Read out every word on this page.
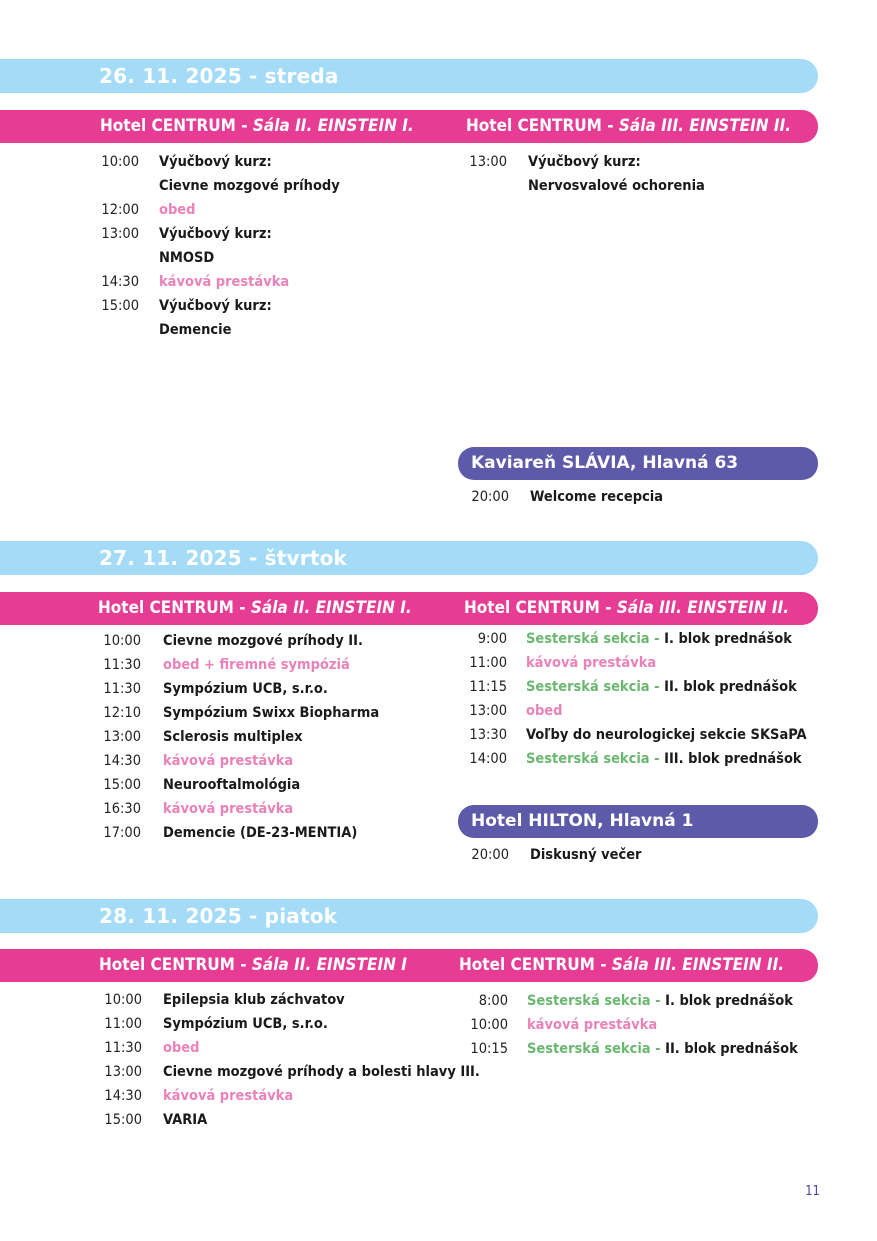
26. 11. 2025 - streda
Hotel CENTRUM - Sála II. EINSTEIN I.	Hotel CENTRUM - Sála III. EINSTEIN II.
10:00 Výučbový kurz:
Cievne mozgové príhody
12:00 obed
13:00 Výučbový kurz:
NMOSD
14:30 kávová prestávka
15:00 Výučbový kurz:
Demencie
13:00 Výučbový kurz:
Nervosvalové ochorenia
Kaviareň SLÁVIA, Hlavná 63
20:00 Welcome recepcia
27. 11. 2025 - štvrtok
Hotel CENTRUM - Sála II. EINSTEIN I.	Hotel CENTRUM - Sála III. EINSTEIN II.
10:00 Cievne mozgové príhody II.
11:30 obed + firemné sympóziá
11:30 Sympózium UCB, s.r.o.
12:10 Sympózium Swixx Biopharma
13:00 Sclerosis multiplex
14:30 kávová prestávka
15:00 Neurooftalmológia
16:30 kávová prestávka
17:00 Demencie (DE-23-MENTIA)
9:00 Sesterská sekcia - I. blok prednášok
11:00 kávová prestávka
11:15 Sesterská sekcia - II. blok prednášok
13:00 obed
13:30 Voľby do neurologickej sekcie SKSaPA
14:00 Sesterská sekcia - III. blok prednášok
Hotel HILTON, Hlavná 1
20:00 Diskusný večer
28. 11. 2025 - piatok
Hotel CENTRUM - Sála II. EINSTEIN I	Hotel CENTRUM - Sála III. EINSTEIN II.
10:00 Epilepsia klub záchvatov
11:00 Sympózium UCB, s.r.o.
11:30 obed
13:00 Cievne mozgové príhody a bolesti hlavy III.
14:30 kávová prestávka
15:00 VARIA
8:00 Sesterská sekcia - I. blok prednášok
10:00 kávová prestávka
10:15 Sesterská sekcia - II. blok prednášok
11
